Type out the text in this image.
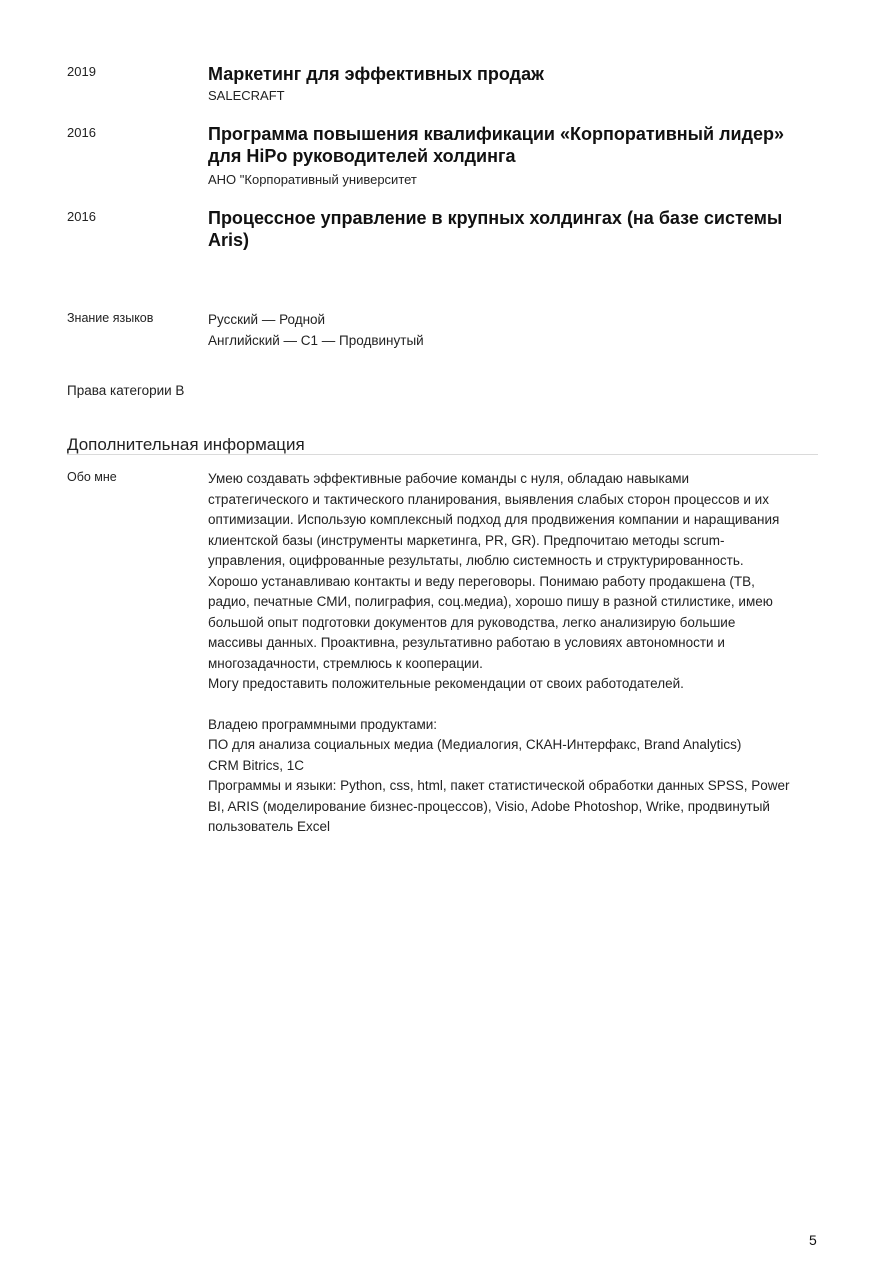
2019	Маркетинг для эффективных продаж
SALECRAFT
2016	Программа повышения квалификации «Корпоративный лидер»
для HiPo руководителей холдинга
АНО "Корпоративный университет
2016	Процессное управление в крупных холдингах (на базе системы
Aris)
Знание языков	Русский — Родной
Английский — C1 — Продвинутый
Права категории B
Дополнительная информация
Обо мне	Умею создавать эффективные рабочие команды с нуля, обладаю навыками
стратегического и тактического планирования, выявления слабых сторон процессов и их
оптимизации. Использую комплексный подход для продвижения компании и наращивания
клиентской базы (инструменты маркетинга, PR, GR). Предпочитаю методы scrum-
управления, оцифрованные результаты, люблю системность и структурированность.
Хорошо устанавливаю контакты и веду переговоры. Понимаю работу продакшена (ТВ,
радио, печатные СМИ, полиграфия, соц.медиа), хорошо пишу в разной стилистике, имею
большой опыт подготовки документов для руководства, легко анализирую большие
массивы данных. Проактивна, результативно работаю в условиях автономности и
многозадачности, стремлюсь к кооперации.
Могу предоставить положительные рекомендации от своих работодателей.
Владею программными продуктами:
ПО для анализа социальных медиа (Медиалогия, СКАН-Интерфакс, Brand Analytics)
CRM Bitrics, 1C
Программы и языки: Python, css, html, пакет статистической обработки данных SPSS, Power
BI, ARIS (моделирование бизнес-процессов), Visio, Adobe Photoshop, Wrike, продвинутый
пользователь Excel
5
